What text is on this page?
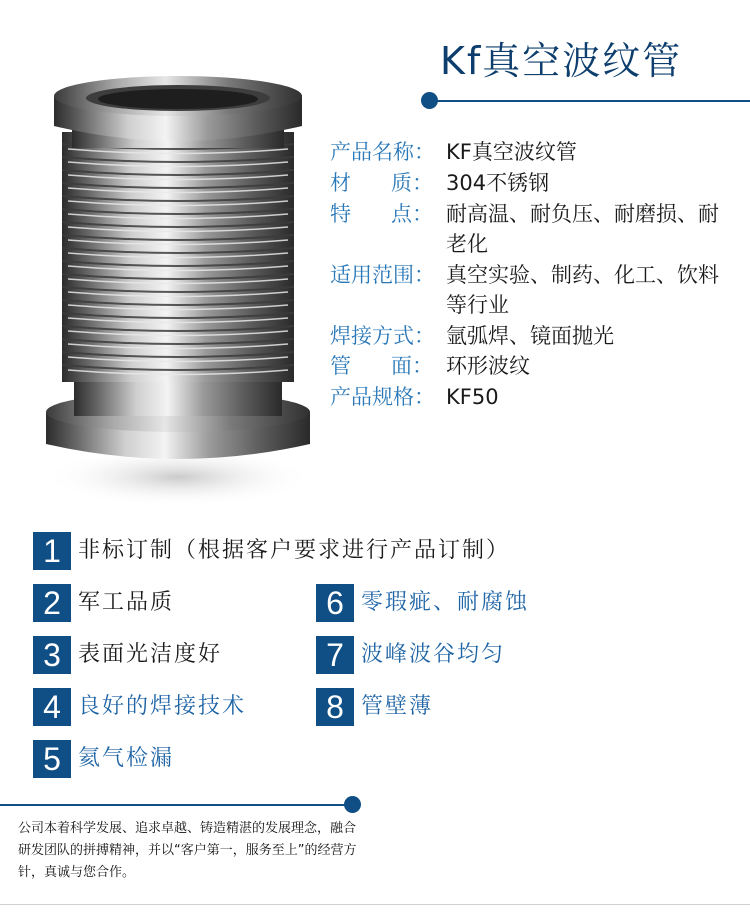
Kf真空波纹管
产品名称： KF真空波纹管
材      质： 304不锈钢
特      点： 耐高温、耐负压、耐磨损、耐老化
适用范围： 真空实验、制药、化工、饮料等行业
焊接方式： 氩弧焊、镜面抛光
管      面： 环形波纹
产品规格： KF50
1 非标订制（根据客户要求进行产品订制）
2 军工品质
3 表面光洁度好
4 良好的焊接技术
5 氦气检漏
6 零瑕疵、耐腐蚀
7 波峰波谷均匀
8 管壁薄
公司本着科学发展、追求卓越、铸造精湛的发展理念，融合研发团队的拼搏精神，并以“客户第一，服务至上”的经营方针，真诚与您合作。
